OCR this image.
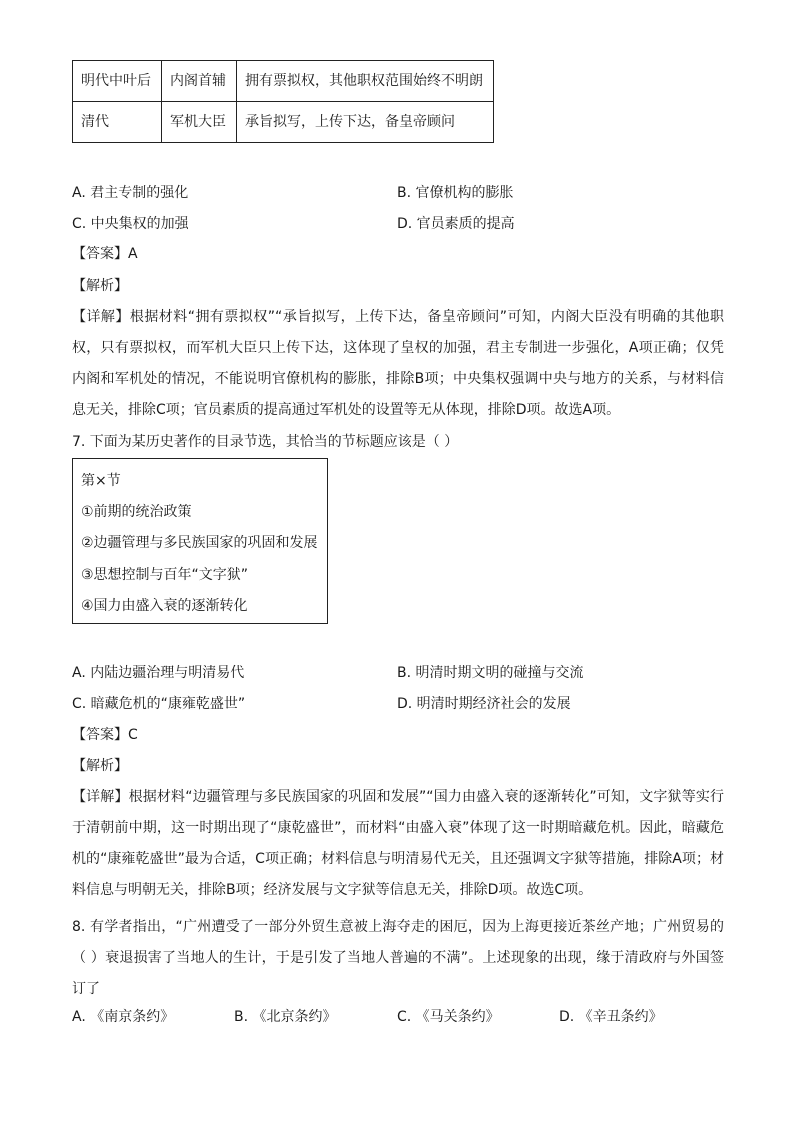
明代中叶后	内阁首辅	拥有票拟权，其他职权范围始终不明朗
清代	军机大臣	承旨拟写，上传下达，备皇帝顾问
A. 君主专制的强化	B. 官僚机构的膨胀
C. 中央集权的加强	D. 官员素质的提高
【答案】A
【解析】
【详解】根据材料“拥有票拟权”“承旨拟写，上传下达，备皇帝顾问”可知，内阁大臣没有明确的其他职权，只有票拟权，而军机大臣只上传下达，这体现了皇权的加强，君主专制进一步强化，A项正确；仅凭内阁和军机处的情况，不能说明官僚机构的膨胀，排除B项；中央集权强调中央与地方的关系，与材料信息无关，排除C项；官员素质的提高通过军机处的设置等无从体现，排除D项。故选A项。
7. 下面为某历史著作的目录节选，其恰当的节标题应该是（ ）
第×节
①前期的统治政策
②边疆管理与多民族国家的巩固和发展
③思想控制与百年“文字狱”
④国力由盛入衰的逐渐转化
A. 内陆边疆治理与明清易代	B. 明清时期文明的碰撞与交流
C. 暗藏危机的“康雍乾盛世”	D. 明清时期经济社会的发展
【答案】C
【解析】
【详解】根据材料“边疆管理与多民族国家的巩固和发展”“国力由盛入衰的逐渐转化”可知，文字狱等实行于清朝前中期，这一时期出现了“康乾盛世”，而材料“由盛入衰”体现了这一时期暗藏危机。因此，暗藏危机的“康雍乾盛世”最为合适，C项正确；材料信息与明清易代无关，且还强调文字狱等措施，排除A项；材料信息与明朝无关，排除B项；经济发展与文字狱等信息无关，排除D项。故选C项。
8. 有学者指出，“广州遭受了一部分外贸生意被上海夺走的困厄，因为上海更接近茶丝产地；广州贸易的（ ）衰退损害了当地人的生计，于是引发了当地人普遍的不满”。上述现象的出现，缘于清政府与外国签订了
A. 《南京条约》	B. 《北京条约》	C. 《马关条约》	D. 《辛丑条约》
